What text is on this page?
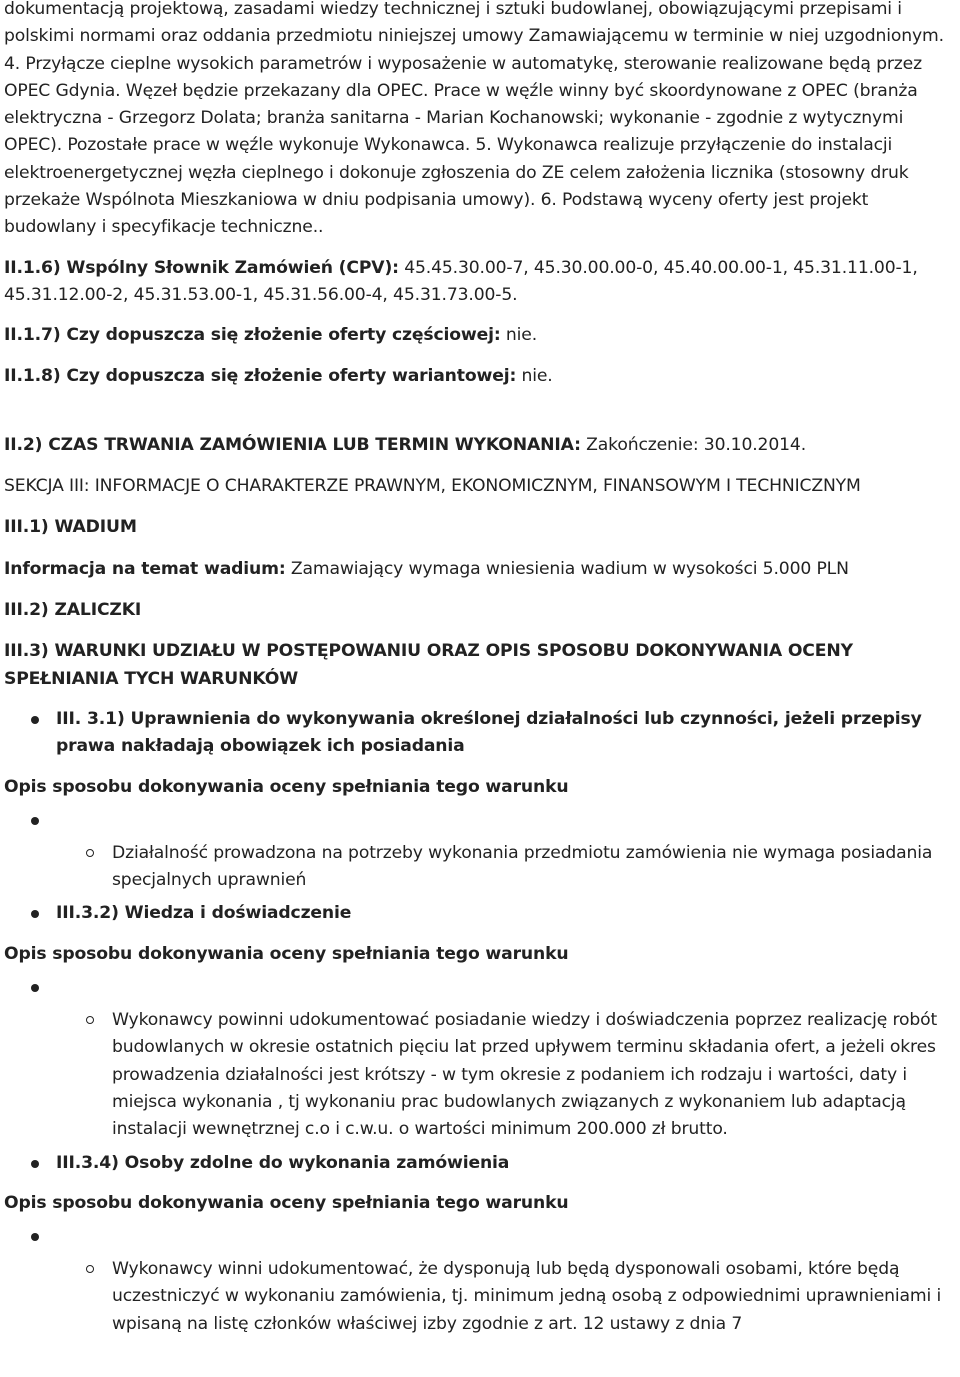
dokumentacją projektową, zasadami wiedzy technicznej i sztuki budowlanej, obowiązującymi przepisami i polskimi normami oraz oddania przedmiotu niniejszej umowy Zamawiającemu w terminie w niej uzgodnionym. 4. Przyłącze cieplne wysokich parametrów i wyposażenie w automatykę, sterowanie realizowane będą przez OPEC Gdynia. Węzeł będzie przekazany dla OPEC. Prace w węźle winny być skoordynowane z OPEC (branża elektryczna - Grzegorz Dolata; branża sanitarna - Marian Kochanowski; wykonanie - zgodnie z wytycznymi OPEC). Pozostałe prace w węźle wykonuje Wykonawca. 5. Wykonawca realizuje przyłączenie do instalacji elektroenergetycznej węzła cieplnego i dokonuje zgłoszenia do ZE celem założenia licznika (stosowny druk przekaże Wspólnota Mieszkaniowa w dniu podpisania umowy). 6. Podstawą wyceny oferty jest projekt budowlany i specyfikacje techniczne..

II.1.6) Wspólny Słownik Zamówień (CPV): 45.45.30.00-7, 45.30.00.00-0, 45.40.00.00-1, 45.31.11.00-1, 45.31.12.00-2, 45.31.53.00-1, 45.31.56.00-4, 45.31.73.00-5.

II.1.7) Czy dopuszcza się złożenie oferty częściowej: nie.

II.1.8) Czy dopuszcza się złożenie oferty wariantowej: nie.

II.2) CZAS TRWANIA ZAMÓWIENIA LUB TERMIN WYKONANIA: Zakończenie: 30.10.2014.

SEKCJA III: INFORMACJE O CHARAKTERZE PRAWNYM, EKONOMICZNYM, FINANSOWYM I TECHNICZNYM

III.1) WADIUM

Informacja na temat wadium: Zamawiający wymaga wniesienia wadium w wysokości 5.000 PLN

III.2) ZALICZKI

III.3) WARUNKI UDZIAŁU W POSTĘPOWANIU ORAZ OPIS SPOSOBU DOKONYWANIA OCENY SPEŁNIANIA TYCH WARUNKÓW

III. 3.1) Uprawnienia do wykonywania określonej działalności lub czynności, jeżeli przepisy prawa nakładają obowiązek ich posiadania

Opis sposobu dokonywania oceny spełniania tego warunku

Działalność prowadzona na potrzeby wykonania przedmiotu zamówienia nie wymaga posiadania specjalnych uprawnień
III.3.2) Wiedza i doświadczenie

Opis sposobu dokonywania oceny spełniania tego warunku

Wykonawcy powinni udokumentować posiadanie wiedzy i doświadczenia poprzez realizację robót budowlanych w okresie ostatnich pięciu lat przed upływem terminu składania ofert, a jeżeli okres prowadzenia działalności jest krótszy - w tym okresie z podaniem ich rodzaju i wartości, daty i miejsca wykonania , tj wykonaniu prac budowlanych związanych z wykonaniem lub adaptacją instalacji wewnętrznej c.o i c.w.u. o wartości minimum 200.000 zł brutto.
III.3.4) Osoby zdolne do wykonania zamówienia

Opis sposobu dokonywania oceny spełniania tego warunku

Wykonawcy winni udokumentować, że dysponują lub będą dysponowali osobami, które będą uczestniczyć w wykonaniu zamówienia, tj. minimum jedną osobą z odpowiednimi uprawnieniami i wpisaną na listę członków właściwej izby zgodnie z art. 12 ustawy z dnia 7
